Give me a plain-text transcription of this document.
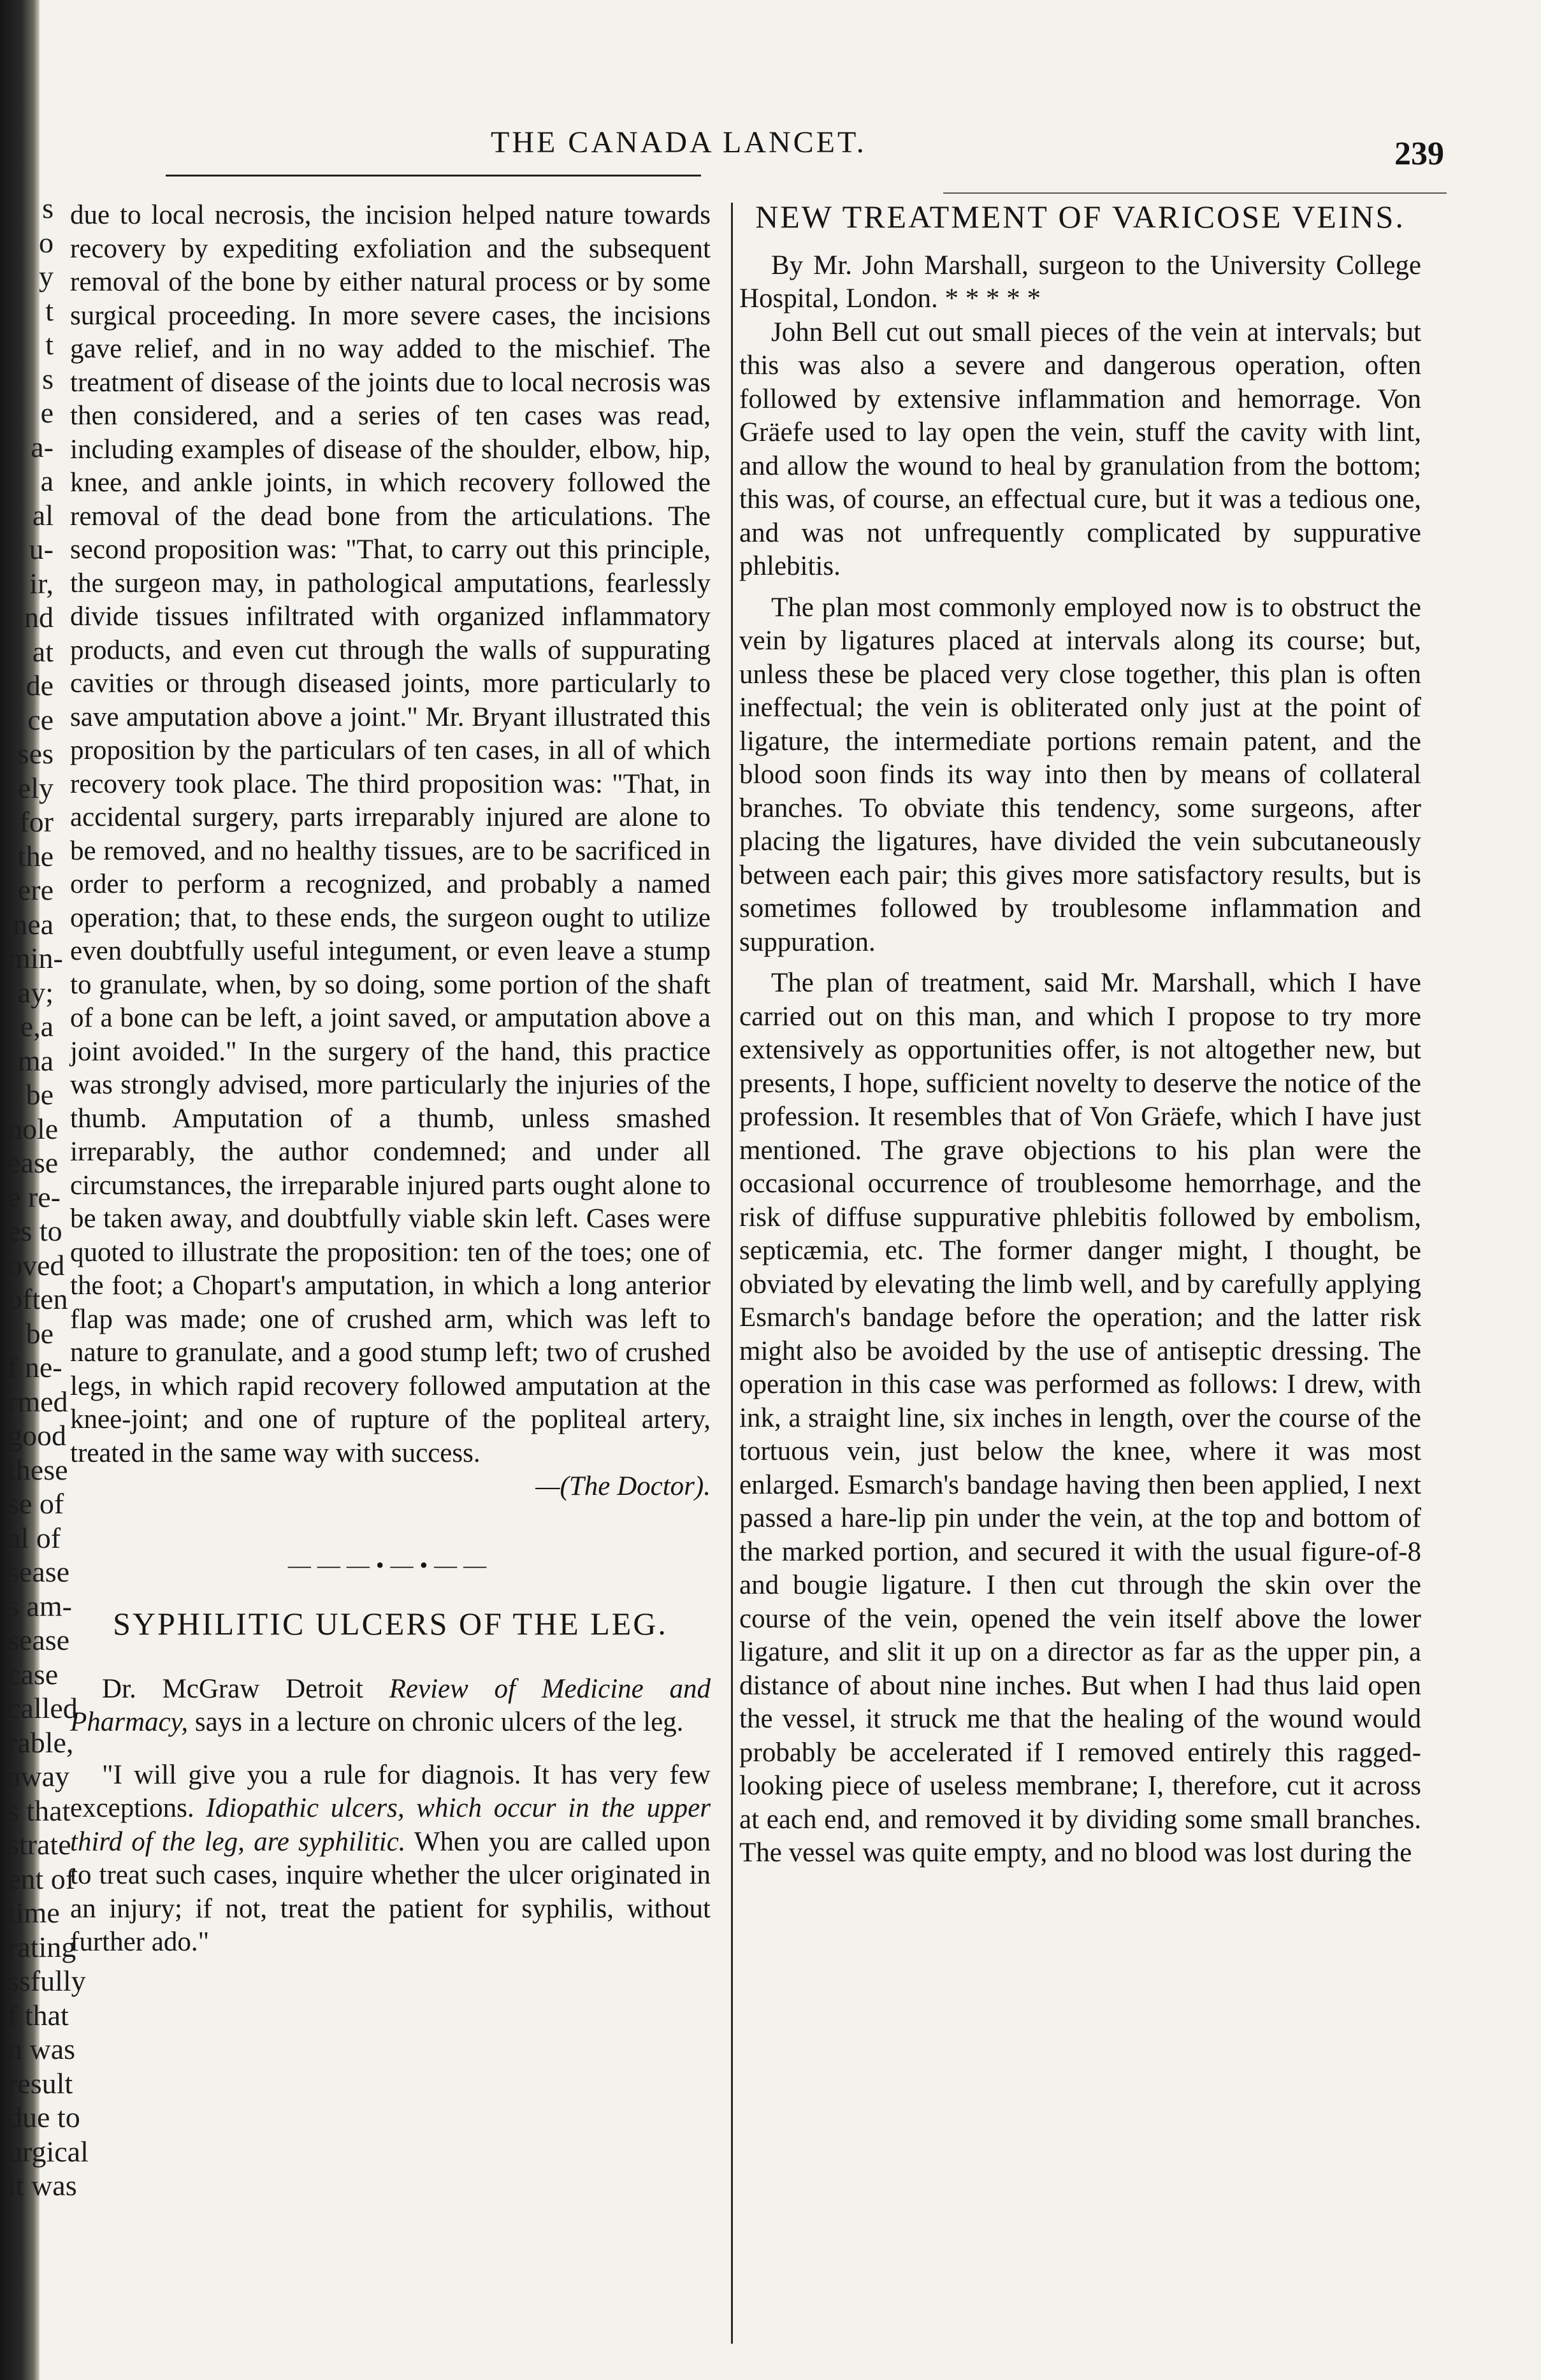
s
o
y
t
t
s
e
a-
a
al
u-
ir,
nd
at
de
ce
ses
ely
for
the
ere
nea
min-
ay;
e,a
ma
be
nole
ease
e re-
es to
oved
often
be
f ne-
rmed
good
these
se of
al of
sease
s am-
sease
case
called
rable,
away
s that
strate
ent of
time
rating
ssfully
f that
n was
result
due to
urgical
it was
THE CANADA LANCET.	239

due to local necrosis, the incision helped nature towards recovery by expediting exfoliation and the subsequent removal of the bone by either natural process or by some surgical proceeding. In more severe cases, the incisions gave relief, and in no way added to the mischief. The treatment of disease of the joints due to local necrosis was then considered, and a series of ten cases was read, including examples of disease of the shoulder, elbow, hip, knee, and ankle joints, in which recovery followed the removal of the dead bone from the articulations. The second proposition was: "That, to carry out this principle, the surgeon may, in pathological amputations, fearlessly divide tissues infiltrated with organized inflammatory products, and even cut through the walls of suppurating cavities or through diseased joints, more particularly to save amputation above a joint." Mr. Bryant illustrated this proposition by the particulars of ten cases, in all of which recovery took place. The third proposition was: "That, in accidental surgery, parts irreparably injured are alone to be removed, and no healthy tissues, are to be sacrificed in order to perform a recognized, and probably a named operation; that, to these ends, the surgeon ought to utilize even doubtfully useful integument, or even leave a stump to granulate, when, by so doing, some portion of the shaft of a bone can be left, a joint saved, or amputation above a joint avoided." In the surgery of the hand, this practice was strongly advised, more particularly the injuries of the thumb. Amputation of a thumb, unless smashed irreparably, the author condemned; and under all circumstances, the irreparable injured parts ought alone to be taken away, and doubtfully viable skin left. Cases were quoted to illustrate the proposition: ten of the toes; one of the foot; a Chopart's amputation, in which a long anterior flap was made; one of crushed arm, which was left to nature to granulate, and a good stump left; two of crushed legs, in which rapid recovery followed amputation at the knee-joint; and one of rupture of the popliteal artery, treated in the same way with success.

—(The Doctor).

———•—•——
SYPHILITIC ULCERS OF THE LEG.

Dr. McGraw Detroit Review of Medicine and Pharmacy, says in a lecture on chronic ulcers of the leg.

"I will give you a rule for diagnois. It has very few exceptions. Idiopathic ulcers, which occur in the upper third of the leg, are syphilitic. When you are called upon to treat such cases, inquire whether the ulcer originated in an injury; if not, treat the patient for syphilis, without further ado."

NEW TREATMENT OF VARICOSE VEINS.

By Mr. John Marshall, surgeon to the University College Hospital, London. * * * * *

John Bell cut out small pieces of the vein at intervals; but this was also a severe and dangerous operation, often followed by extensive inflammation and hemorrage. Von Gräefe used to lay open the vein, stuff the cavity with lint, and allow the wound to heal by granulation from the bottom; this was, of course, an effectual cure, but it was a tedious one, and was not unfrequently complicated by suppurative phlebitis.

The plan most commonly employed now is to obstruct the vein by ligatures placed at intervals along its course; but, unless these be placed very close together, this plan is often ineffectual; the vein is obliterated only just at the point of ligature, the intermediate portions remain patent, and the blood soon finds its way into then by means of collateral branches. To obviate this tendency, some surgeons, after placing the ligatures, have divided the vein subcutaneously between each pair; this gives more satisfactory results, but is sometimes followed by troublesome inflammation and suppuration.

The plan of treatment, said Mr. Marshall, which I have carried out on this man, and which I propose to try more extensively as opportunities offer, is not altogether new, but presents, I hope, sufficient novelty to deserve the notice of the profession. It resembles that of Von Gräefe, which I have just mentioned. The grave objections to his plan were the occasional occurrence of troublesome hemorrhage, and the risk of diffuse suppurative phlebitis followed by embolism, septicæmia, etc. The former danger might, I thought, be obviated by elevating the limb well, and by carefully applying Esmarch's bandage before the operation; and the latter risk might also be avoided by the use of antiseptic dressing. The operation in this case was performed as follows: I drew, with ink, a straight line, six inches in length, over the course of the tortuous vein, just below the knee, where it was most enlarged. Esmarch's bandage having then been applied, I next passed a hare-lip pin under the vein, at the top and bottom of the marked portion, and secured it with the usual figure-of-8 and bougie ligature. I then cut through the skin over the course of the vein, opened the vein itself above the lower ligature, and slit it up on a director as far as the upper pin, a distance of about nine inches. But when I had thus laid open the vessel, it struck me that the healing of the wound would probably be accelerated if I removed entirely this ragged-looking piece of useless membrane; I, therefore, cut it across at each end, and removed it by dividing some small branches. The vessel was quite empty, and no blood was lost during the
